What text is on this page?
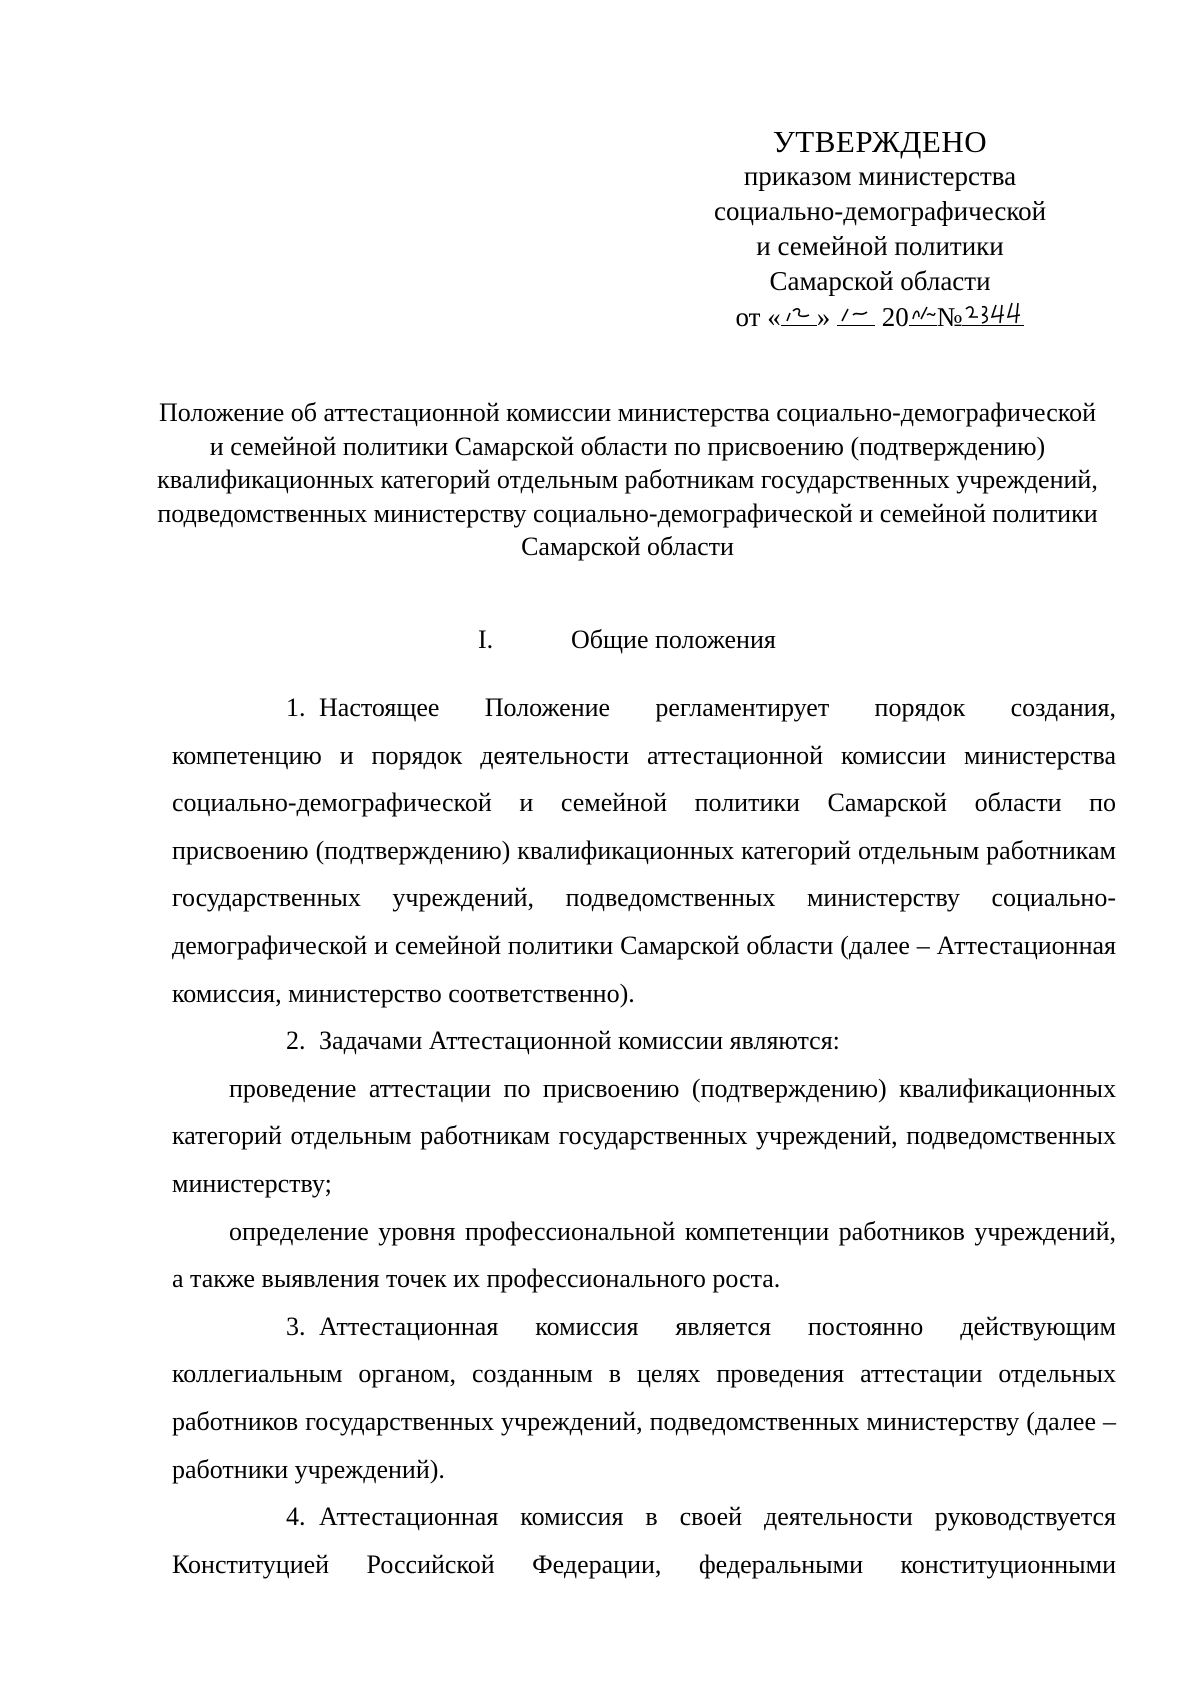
УТВЕРЖДЕНО
приказом министерства
социально-демографической
и семейной политики
Самарской области
от « » 20 №
Положение об аттестационной комиссии министерства социально-демографической и семейной политики Самарской области по присвоению (подтверждению) квалификационных категорий отдельным работникам государственных учреждений, подведомственных министерству социально-демографической и семейной политики Самарской области
I.	Общие положения

1. Настоящее Положение регламентирует порядок создания, компетенцию и порядок деятельности аттестационной комиссии министерства социально-демографической и семейной политики Самарской области по присвоению (подтверждению) квалификационных категорий отдельным работникам государственных учреждений, подведомственных министерству социально-демографической и семейной политики Самарской области (далее – Аттестационная комиссия, министерство соответственно).

2. Задачами Аттестационной комиссии являются:

проведение аттестации по присвоению (подтверждению) квалификационных категорий отдельным работникам государственных учреждений, подведомственных министерству;

определение уровня профессиональной компетенции работников учреждений, а также выявления точек их профессионального роста.

3. Аттестационная комиссия является постоянно действующим коллегиальным органом, созданным в целях проведения аттестации отдельных работников государственных учреждений, подведомственных министерству (далее – работники учреждений).

4. Аттестационная комиссия в своей деятельности руководствуется Конституцией Российской Федерации, федеральными конституционными
